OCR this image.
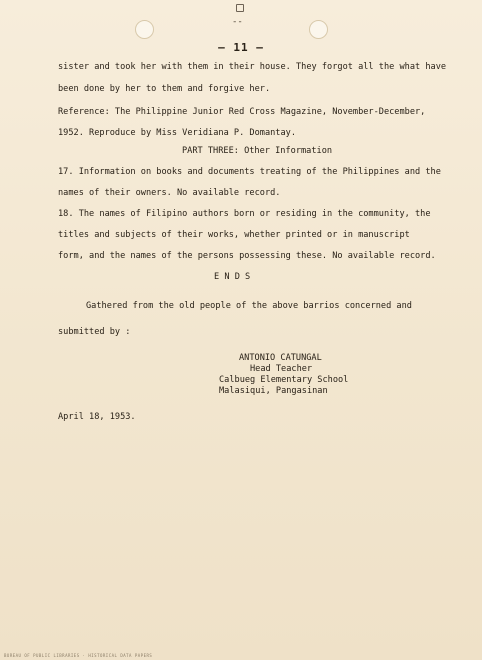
--
— 11 —
sister and took her with them in their house. They forgot all the what have
been done by her to them and forgive her.
Reference: The Philippine Junior Red Cross Magazine, November-December,
1952. Reproduce by Miss Veridiana P. Domantay.
PART THREE: Other Information
17. Information on books and documents treating of the Philippines and the
names of their owners. No available record.
18. The names of Filipino authors born or residing in the community, the
titles and subjects of their works, whether printed or in manuscript
form, and the names of the persons possessing these. No available record.
E N D S
Gathered from the old people of the above barrios concerned and
submitted by :
ANTONIO CATUNGAL
Head Teacher
Calbueg Elementary School
Malasiqui, Pangasinan
April 18, 1953.
BUREAU OF PUBLIC LIBRARIES · HISTORICAL DATA PAPERS
